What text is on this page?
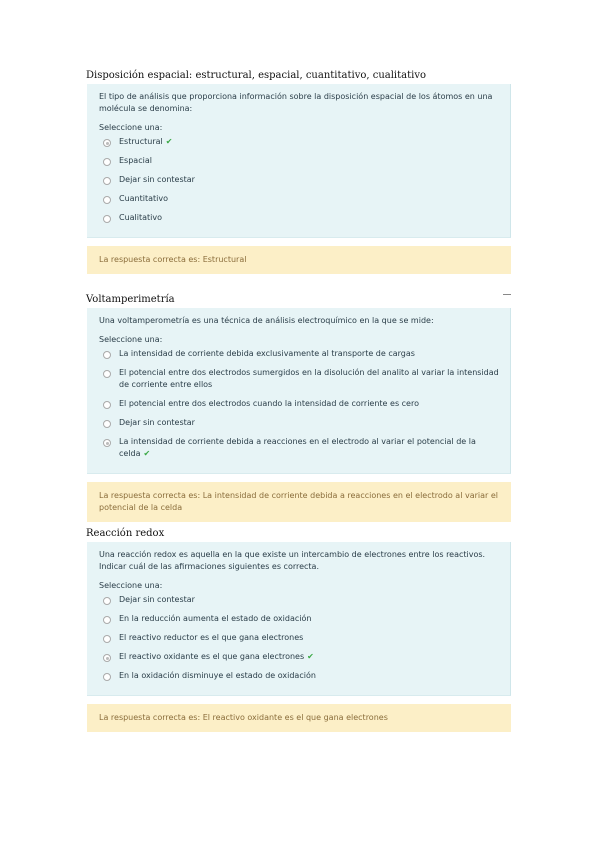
Disposición espacial: estructural, espacial, cuantitativo, cualitativo
El tipo de análisis que proporciona información sobre la disposición espacial de los átomos en una molécula se denomina:
Seleccione una:
Estructural ✔
Espacial
Dejar sin contestar
Cuantitativo
Cualitativo
La respuesta correcta es: Estructural
Voltamperimetría
Una voltamperometría es una técnica de análisis electroquímico en la que se mide:
Seleccione una:
La intensidad de corriente debida exclusivamente al transporte de cargas
El potencial entre dos electrodos sumergidos en la disolución del analito al variar la intensidad de corriente entre ellos
El potencial entre dos electrodos cuando la intensidad de corriente es cero
Dejar sin contestar
La intensidad de corriente debida a reacciones en el electrodo al variar el potencial de la celda ✔
La respuesta correcta es: La intensidad de corriente debida a reacciones en el electrodo al variar el potencial de la celda
Reacción redox
Una reacción redox es aquella en la que existe un intercambio de electrones entre los reactivos. Indicar cuál de las afirmaciones siguientes es correcta.
Seleccione una:
Dejar sin contestar
En la reducción aumenta el estado de oxidación
El reactivo reductor es el que gana electrones
El reactivo oxidante es el que gana electrones ✔
En la oxidación disminuye el estado de oxidación
La respuesta correcta es: El reactivo oxidante es el que gana electrones
